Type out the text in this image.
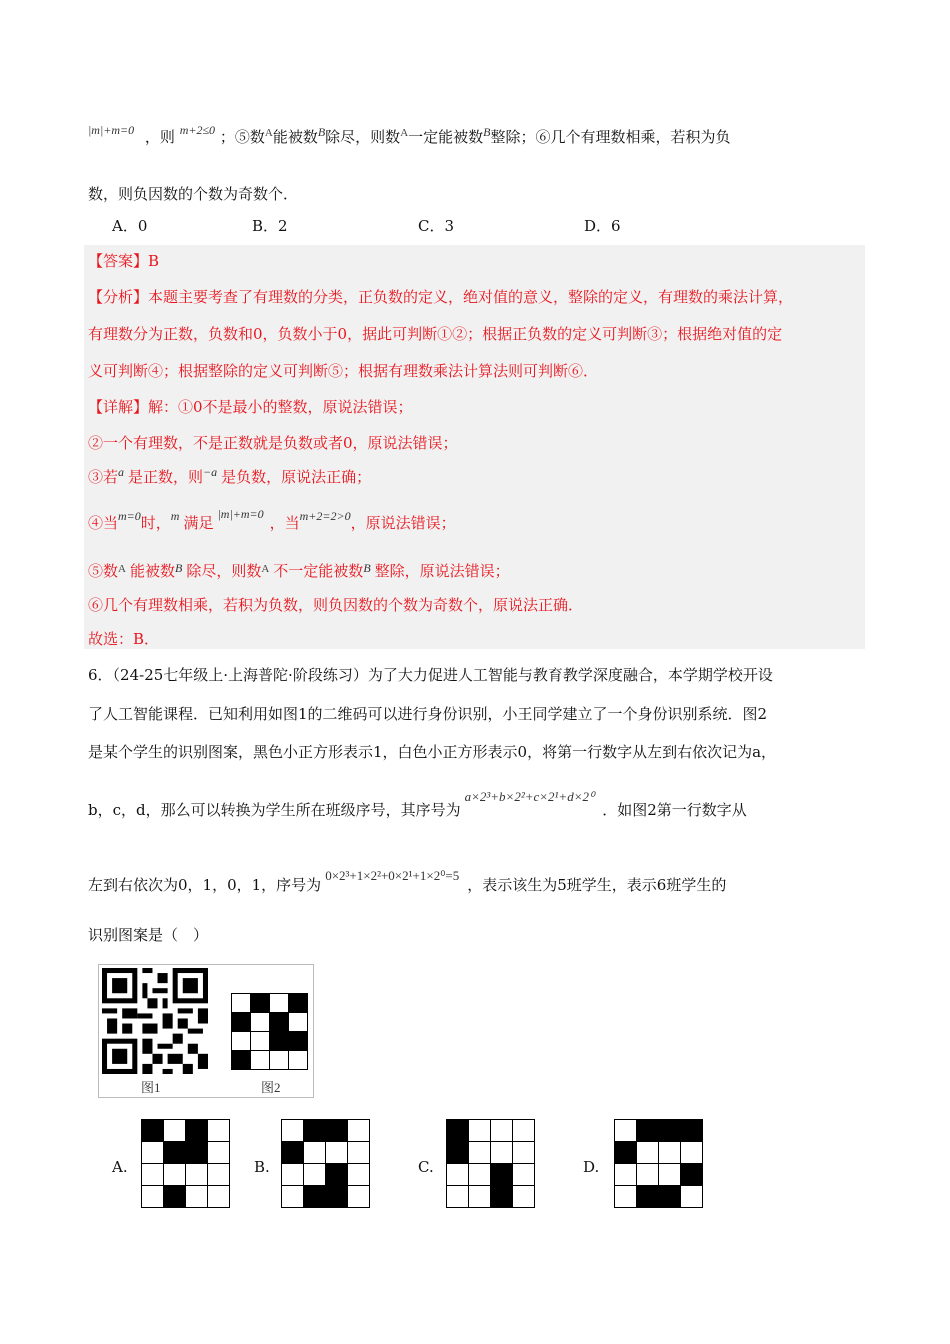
$^{|m|+m=0}$ ，则 $^{m+2\le 0}$ ；⑤数$^A$能被数$^B$除尽，则数$^A$一定能被数$^B$整除；⑥几个有理数相乘，若积为负
数，则负因数的个数为奇数个．
A．0	B．2	C．3	D．6
【答案】B
【分析】本题主要考查了有理数的分类，正负数的定义，绝对值的意义，整除的定义，有理数的乘法计算，
有理数分为正数，负数和0，负数小于0，据此可判断①②；根据正负数的定义可判断③；根据绝对值的定
义可判断④；根据整除的定义可判断⑤；根据有理数乘法计算法则可判断⑥．
【详解】解：①0不是最小的整数，原说法错误；
②一个有理数，不是正数就是负数或者0，原说法错误；
③若$^a$ 是正数，则$^{-a}$ 是负数，原说法正确；
④当$^{m=0}$时，$^m$ 满足 $^{|m|+m=0}$ ，当$^{m+2=2>0}$，原说法错误；
⑤数$^A$ 能被数$^B$ 除尽，则数$^A$ 不一定能被数$^B$ 整除，原说法错误；
⑥几个有理数相乘，若积为负数，则负因数的个数为奇数个，原说法正确．
故选：B．
6．（24-25七年级上·上海普陀·阶段练习）为了大力促进人工智能与教育教学深度融合，本学期学校开设
了人工智能课程．已知利用如图1的二维码可以进行身份识别，小王同学建立了一个身份识别系统．图2
是某个学生的识别图案，黑色小正方形表示1，白色小正方形表示0，将第一行数字从左到右依次记为a，
b，c，d，那么可以转换为学生所在班级序号，其序号为a×2³+b×2²+c×2¹+d×2⁰．如图2第一行数字从
左到右依次为0，1，0，1，序号为0×2³+1×2²+0×2¹+1×2⁰=5，表示该生为5班学生，表示6班学生的
识别图案是（　）
图1	图2
A.	B.	C.	D.
